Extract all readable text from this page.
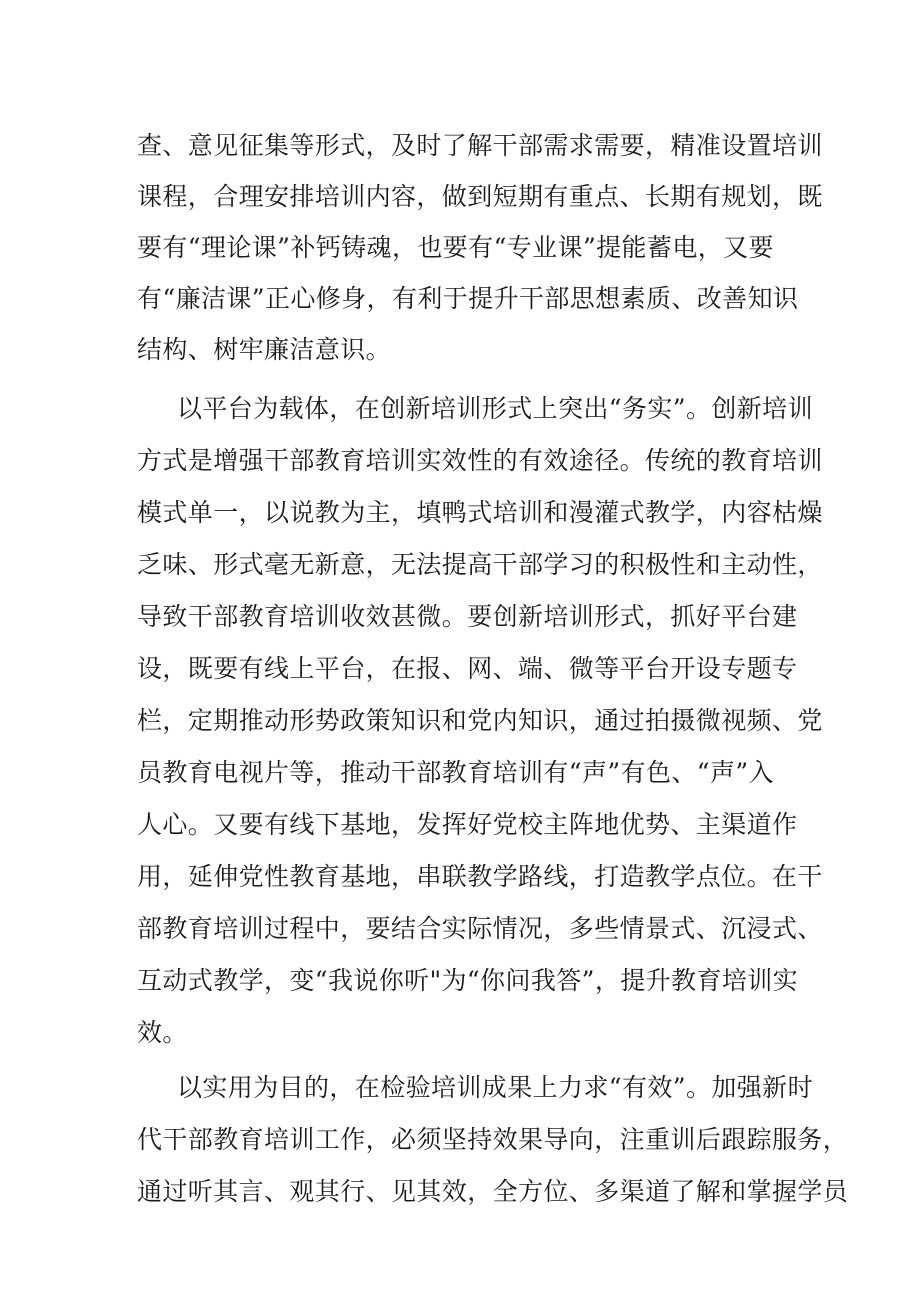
查、意见征集等形式，及时了解干部需求需要，精准设置培训

课程，合理安排培训内容，做到短期有重点、长期有规划，既

要有“理论课”补钙铸魂，也要有“专业课”提能蓄电，又要

有“廉洁课”正心修身，有利于提升干部思想素质、改善知识

结构、树牢廉洁意识。

以平台为载体，在创新培训形式上突出“务实”。创新培训

方式是增强干部教育培训实效性的有效途径。传统的教育培训

模式单一，以说教为主，填鸭式培训和漫灌式教学，内容枯燥

乏味、形式毫无新意，无法提高干部学习的积极性和主动性，

导致干部教育培训收效甚微。要创新培训形式，抓好平台建

设，既要有线上平台，在报、网、端、微等平台开设专题专

栏，定期推动形势政策知识和党内知识，通过拍摄微视频、党

员教育电视片等，推动干部教育培训有“声”有色、“声”入

人心。又要有线下基地，发挥好党校主阵地优势、主渠道作

用，延伸党性教育基地，串联教学路线，打造教学点位。在干

部教育培训过程中，要结合实际情况，多些情景式、沉浸式、

互动式教学，变“我说你听"为“你问我答”，提升教育培训实

效。

以实用为目的，在检验培训成果上力求“有效”。加强新时

代干部教育培训工作，必须坚持效果导向，注重训后跟踪服务，

通过听其言、观其行、见其效，全方位、多渠道了解和掌握学员
